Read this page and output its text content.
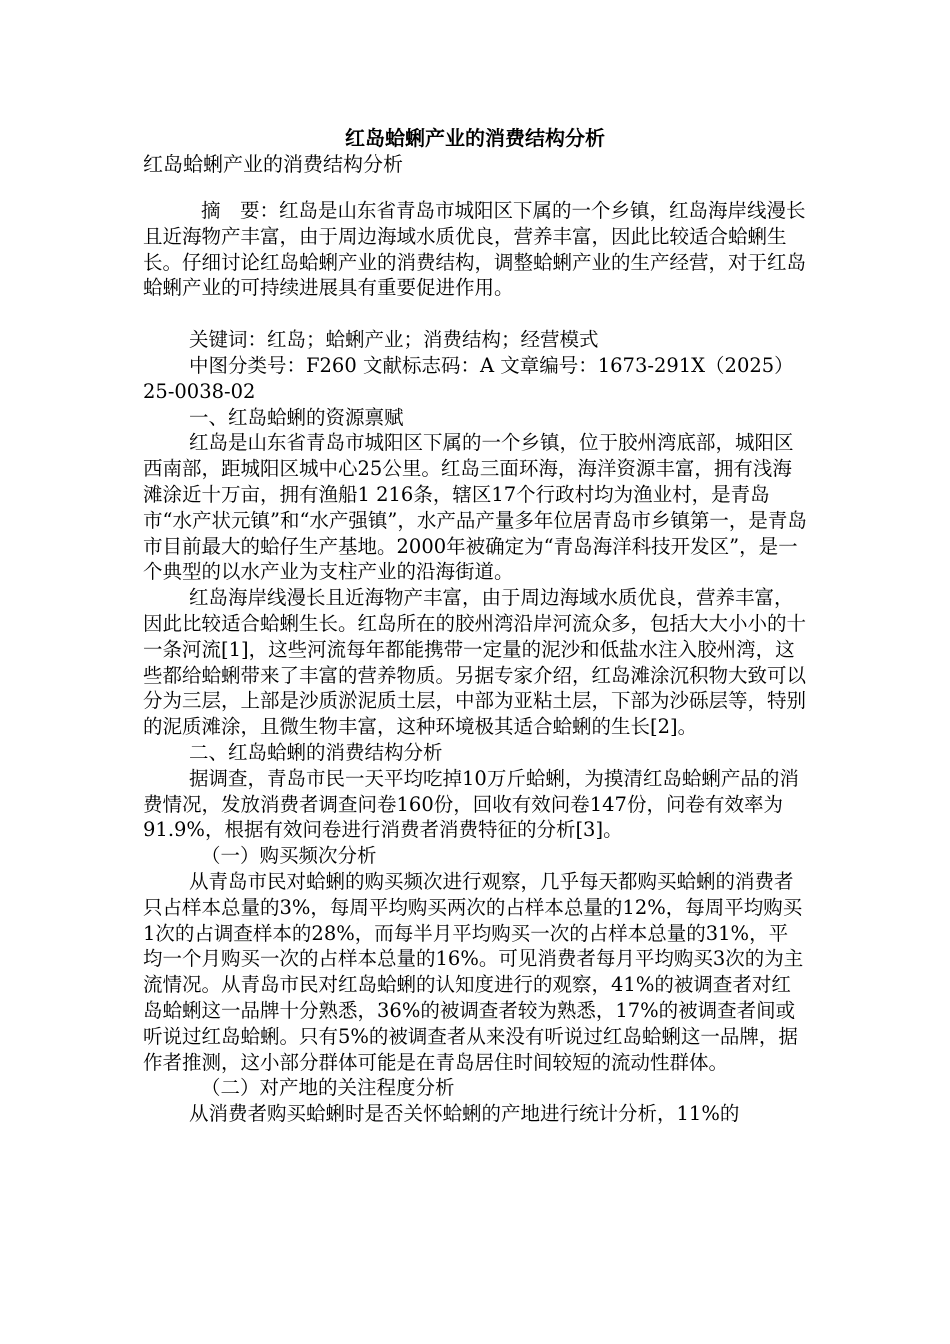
红岛蛤蜊产业的消费结构分析
红岛蛤蜊产业的消费结构分析

摘　要：红岛是山东省青岛市城阳区下属的一个乡镇，红岛海岸线漫长且近海物产丰富，由于周边海域水质优良，营养丰富，因此比较适合蛤蜊生长。仔细讨论红岛蛤蜊产业的消费结构，调整蛤蜊产业的生产经营，对于红岛蛤蜊产业的可持续进展具有重要促进作用。

关键词：红岛；蛤蜊产业；消费结构；经营模式

中图分类号：F260 文献标志码：A 文章编号：1673-291X（2025）25-0038-02

一、红岛蛤蜊的资源禀赋

红岛是山东省青岛市城阳区下属的一个乡镇，位于胶州湾底部，城阳区西南部，距城阳区城中心25公里。红岛三面环海，海洋资源丰富，拥有浅海滩涂近十万亩，拥有渔船1 216条，辖区17个行政村均为渔业村，是青岛市“水产状元镇”和“水产强镇”，水产品产量多年位居青岛市乡镇第一，是青岛市目前最大的蛤仔生产基地。2000年被确定为“青岛海洋科技开发区”，是一个典型的以水产业为支柱产业的沿海街道。

红岛海岸线漫长且近海物产丰富，由于周边海域水质优良，营养丰富，因此比较适合蛤蜊生长。红岛所在的胶州湾沿岸河流众多，包括大大小小的十一条河流[1]，这些河流每年都能携带一定量的泥沙和低盐水注入胶州湾，这些都给蛤蜊带来了丰富的营养物质。另据专家介绍，红岛滩涂沉积物大致可以分为三层，上部是沙质淤泥质土层，中部为亚粘土层，下部为沙砾层等，特别的泥质滩涂，且微生物丰富，这种环境极其适合蛤蜊的生长[2]。

二、红岛蛤蜊的消费结构分析

据调查，青岛市民一天平均吃掉10万斤蛤蜊，为摸清红岛蛤蜊产品的消费情况，发放消费者调查问卷160份，回收有效问卷147份，问卷有效率为91.9%，根据有效问卷进行消费者消费特征的分析[3]。

（一）购买频次分析

从青岛市民对蛤蜊的购买频次进行观察，几乎每天都购买蛤蜊的消费者只占样本总量的3%，每周平均购买两次的占样本总量的12%，每周平均购买1次的占调查样本的28%，而每半月平均购买一次的占样本总量的31%，平均一个月购买一次的占样本总量的16%。可见消费者每月平均购买3次的为主流情况。从青岛市民对红岛蛤蜊的认知度进行的观察，41%的被调查者对红岛蛤蜊这一品牌十分熟悉，36%的被调查者较为熟悉，17%的被调查者间或听说过红岛蛤蜊。只有5%的被调查者从来没有听说过红岛蛤蜊这一品牌，据作者推测，这小部分群体可能是在青岛居住时间较短的流动性群体。

（二）对产地的关注程度分析

从消费者购买蛤蜊时是否关怀蛤蜊的产地进行统计分析，11%的
